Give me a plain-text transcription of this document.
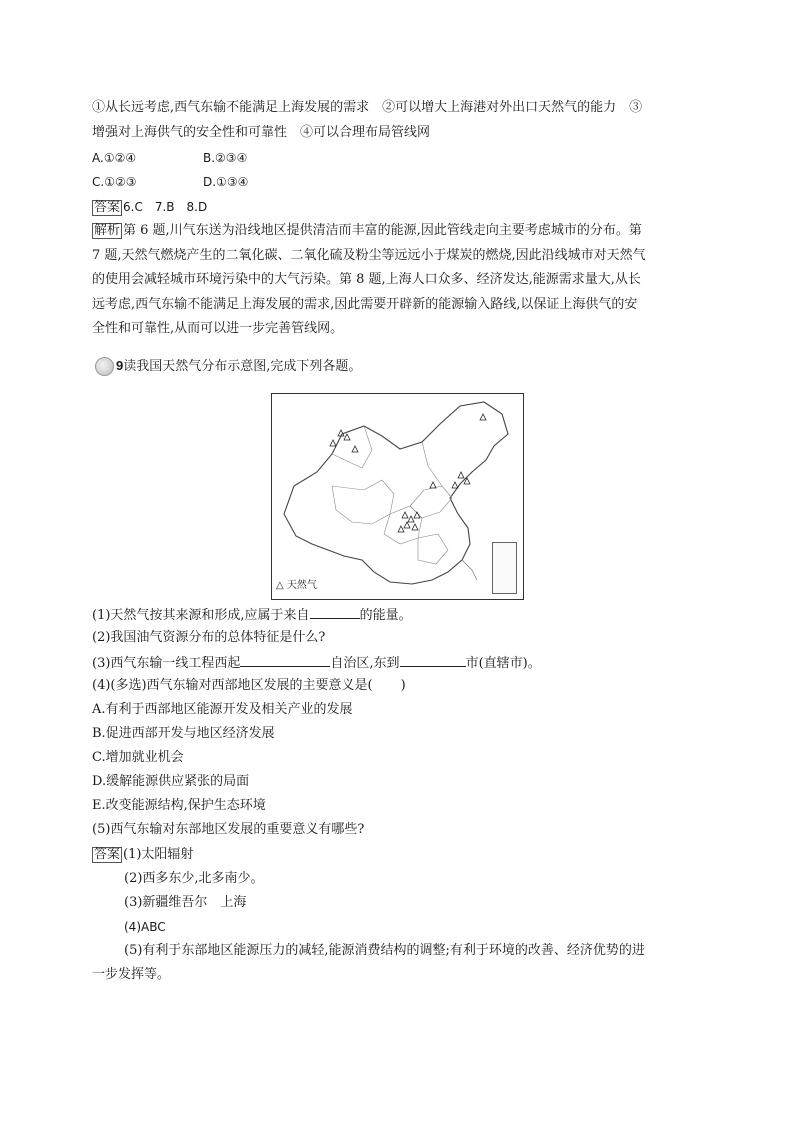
①从长远考虑,西气东输不能满足上海发展的需求　②可以增大上海港对外出口天然气的能力　③
增强对上海供气的安全性和可靠性　④可以合理布局管线网
A.①②④	B.②③④
C.①②③	D.①③④
答案 6.C　7.B　8.D
解析 第 6 题,川气东送为沿线地区提供清洁而丰富的能源,因此管线走向主要考虑城市的分布。第
7 题,天然气燃烧产生的二氧化碳、二氧化硫及粉尘等远远小于煤炭的燃烧,因此沿线城市对天然气
的使用会减轻城市环境污染中的大气污染。第 8 题,上海人口众多、经济发达,能源需求量大,从长
远考虑,西气东输不能满足上海发展的需求,因此需要开辟新的能源输入路线,以保证上海供气的安
全性和可靠性,从而可以进一步完善管线网。
9读我国天然气分布示意图,完成下列各题。
△ 天然气
(1)天然气按其来源和形成,应属于来自	的能量。
(2)我国油气资源分布的总体特征是什么?
(3)西气东输一线工程西起	自治区,东到	市(直辖市)。
(4)(多选)西气东输对西部地区发展的主要意义是( )
A.有利于西部地区能源开发及相关产业的发展
B.促进西部开发与地区经济发展
C.增加就业机会
D.缓解能源供应紧张的局面
E.改变能源结构,保护生态环境
(5)西气东输对东部地区发展的重要意义有哪些?
答案 (1)太阳辐射
(2)西多东少,北多南少。
(3)新疆维吾尔　上海
(4)ABC
(5)有利于东部地区能源压力的减轻,能源消费结构的调整;有利于环境的改善、经济优势的进
一步发挥等。
